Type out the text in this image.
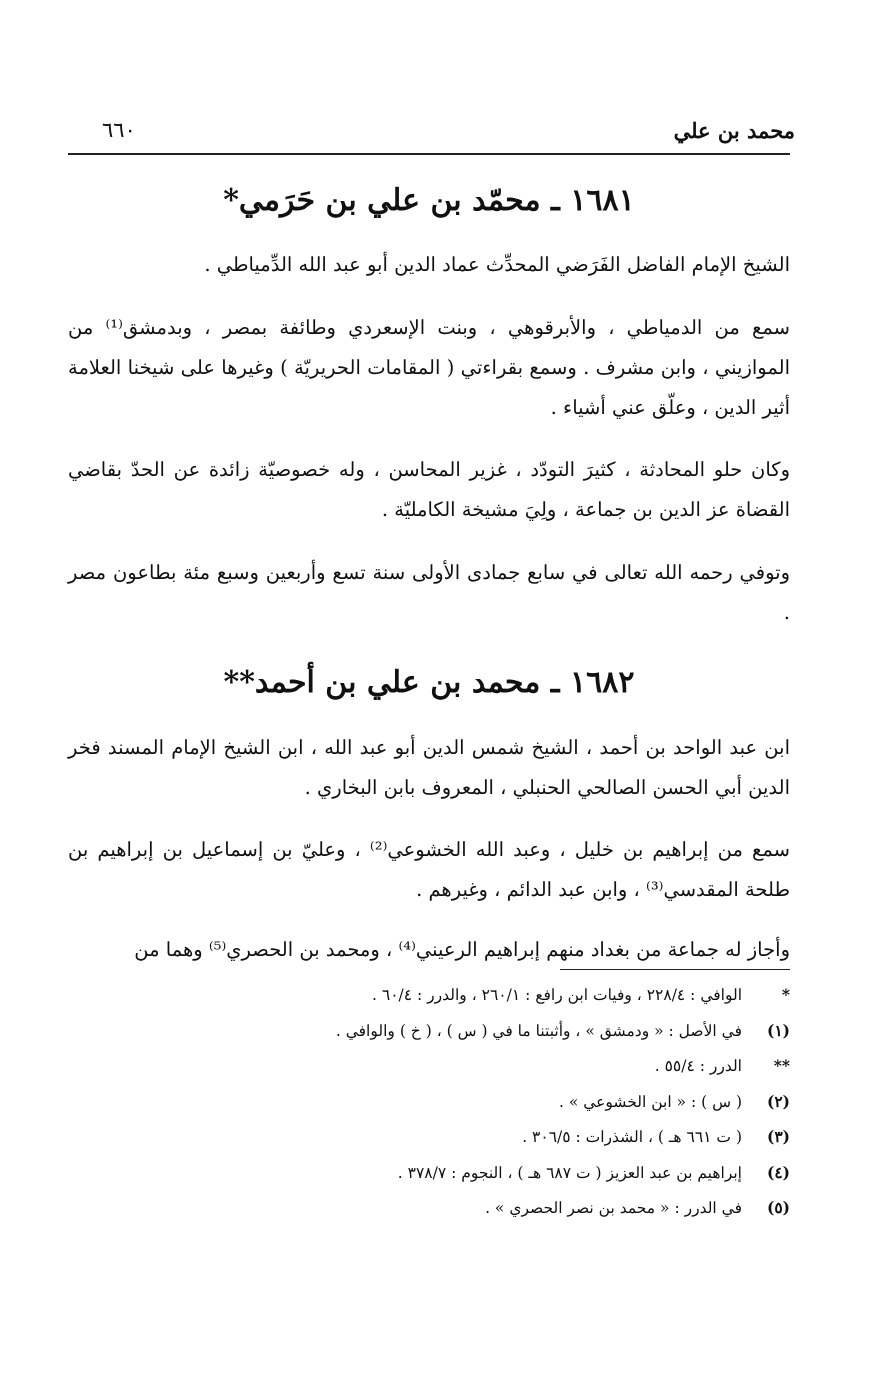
محمد بن علي
٦٦٠
١٦٨١ ـ محمّد بن علي بن حَرَمي*
الشيخ الإمام الفاضل الفَرَضي المحدِّث عماد الدين أبو عبد الله الدِّمياطي .
سمع من الدمياطي ، والأبرقوهي ، وبنت الإسعردي وطائفة بمصر ، وبدمشق⁽¹⁾ من الموازيني ، وابن مشرف . وسمع بقراءتي ( المقامات الحريريّة ) وغيرها على شيخنا العلامة أثير الدين ، وعلّق عني أشياء .
وكان حلو المحادثة ، كثيرَ التودّد ، غزير المحاسن ، وله خصوصيّة زائدة عن الحدّ بقاضي القضاة عز الدين بن جماعة ، ولِيَ مشيخة الكامليّة .
وتوفي رحمه الله تعالى في سابع جمادى الأولى سنة تسع وأربعين وسبع مئة بطاعون مصر .
١٦٨٢ ـ محمد بن علي بن أحمد**
ابن عبد الواحد بن أحمد ، الشيخ شمس الدين أبو عبد الله ، ابن الشيخ الإمام المسند فخر الدين أبي الحسن الصالحي الحنبلي ، المعروف بابن البخاري .
سمع من إبراهيم بن خليل ، وعبد الله الخشوعي⁽²⁾ ، وعليّ بن إسماعيل بن إبراهيم بن طلحة المقدسي⁽³⁾ ، وابن عبد الدائم ، وغيرهم .
وأجاز له جماعة من بغداد منهم إبراهيم الرعيني⁽⁴⁾ ، ومحمد بن الحصري⁽⁵⁾ وهما من
*
الوافي : ٢٢٨/٤ ، وفيات ابن رافع : ٢٦٠/١ ، والدرر : ٦٠/٤ .
(١)
في الأصل : « ودمشق » ، وأثبتنا ما في ( س ) ، ( خ ) والوافي .
**
الدرر : ٥٥/٤ .
(٢)
( س ) : « ابن الخشوعي » .
(٣)
( ت ٦٦١ هـ ) ، الشذرات : ٣٠٦/٥ .
(٤)
إبراهيم بن عبد العزيز ( ت ٦٨٧ هـ ) ، النجوم : ٣٧٨/٧ .
(٥)
في الدرر : « محمد بن نصر الحصري » .
